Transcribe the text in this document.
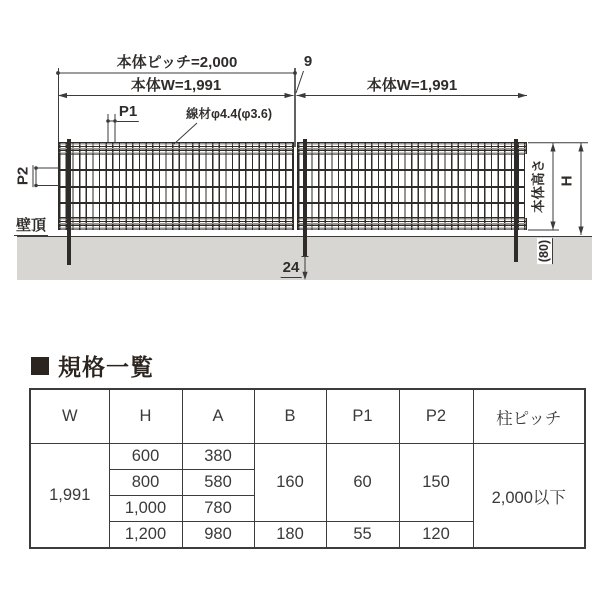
本体ピッチ=2,000
本体W=1,991	本体W=1,991
9
P1
P2
線材φ4.4(φ3.6)
壁頂
24
本体高さ H
(80)
規格一覧
W	H	A	B	P1	P2	柱ピッチ
1,991	600	380	160	60	150	2,000以下
	800	580				
	1,000	780				
	1,200	980	180	55	120	
